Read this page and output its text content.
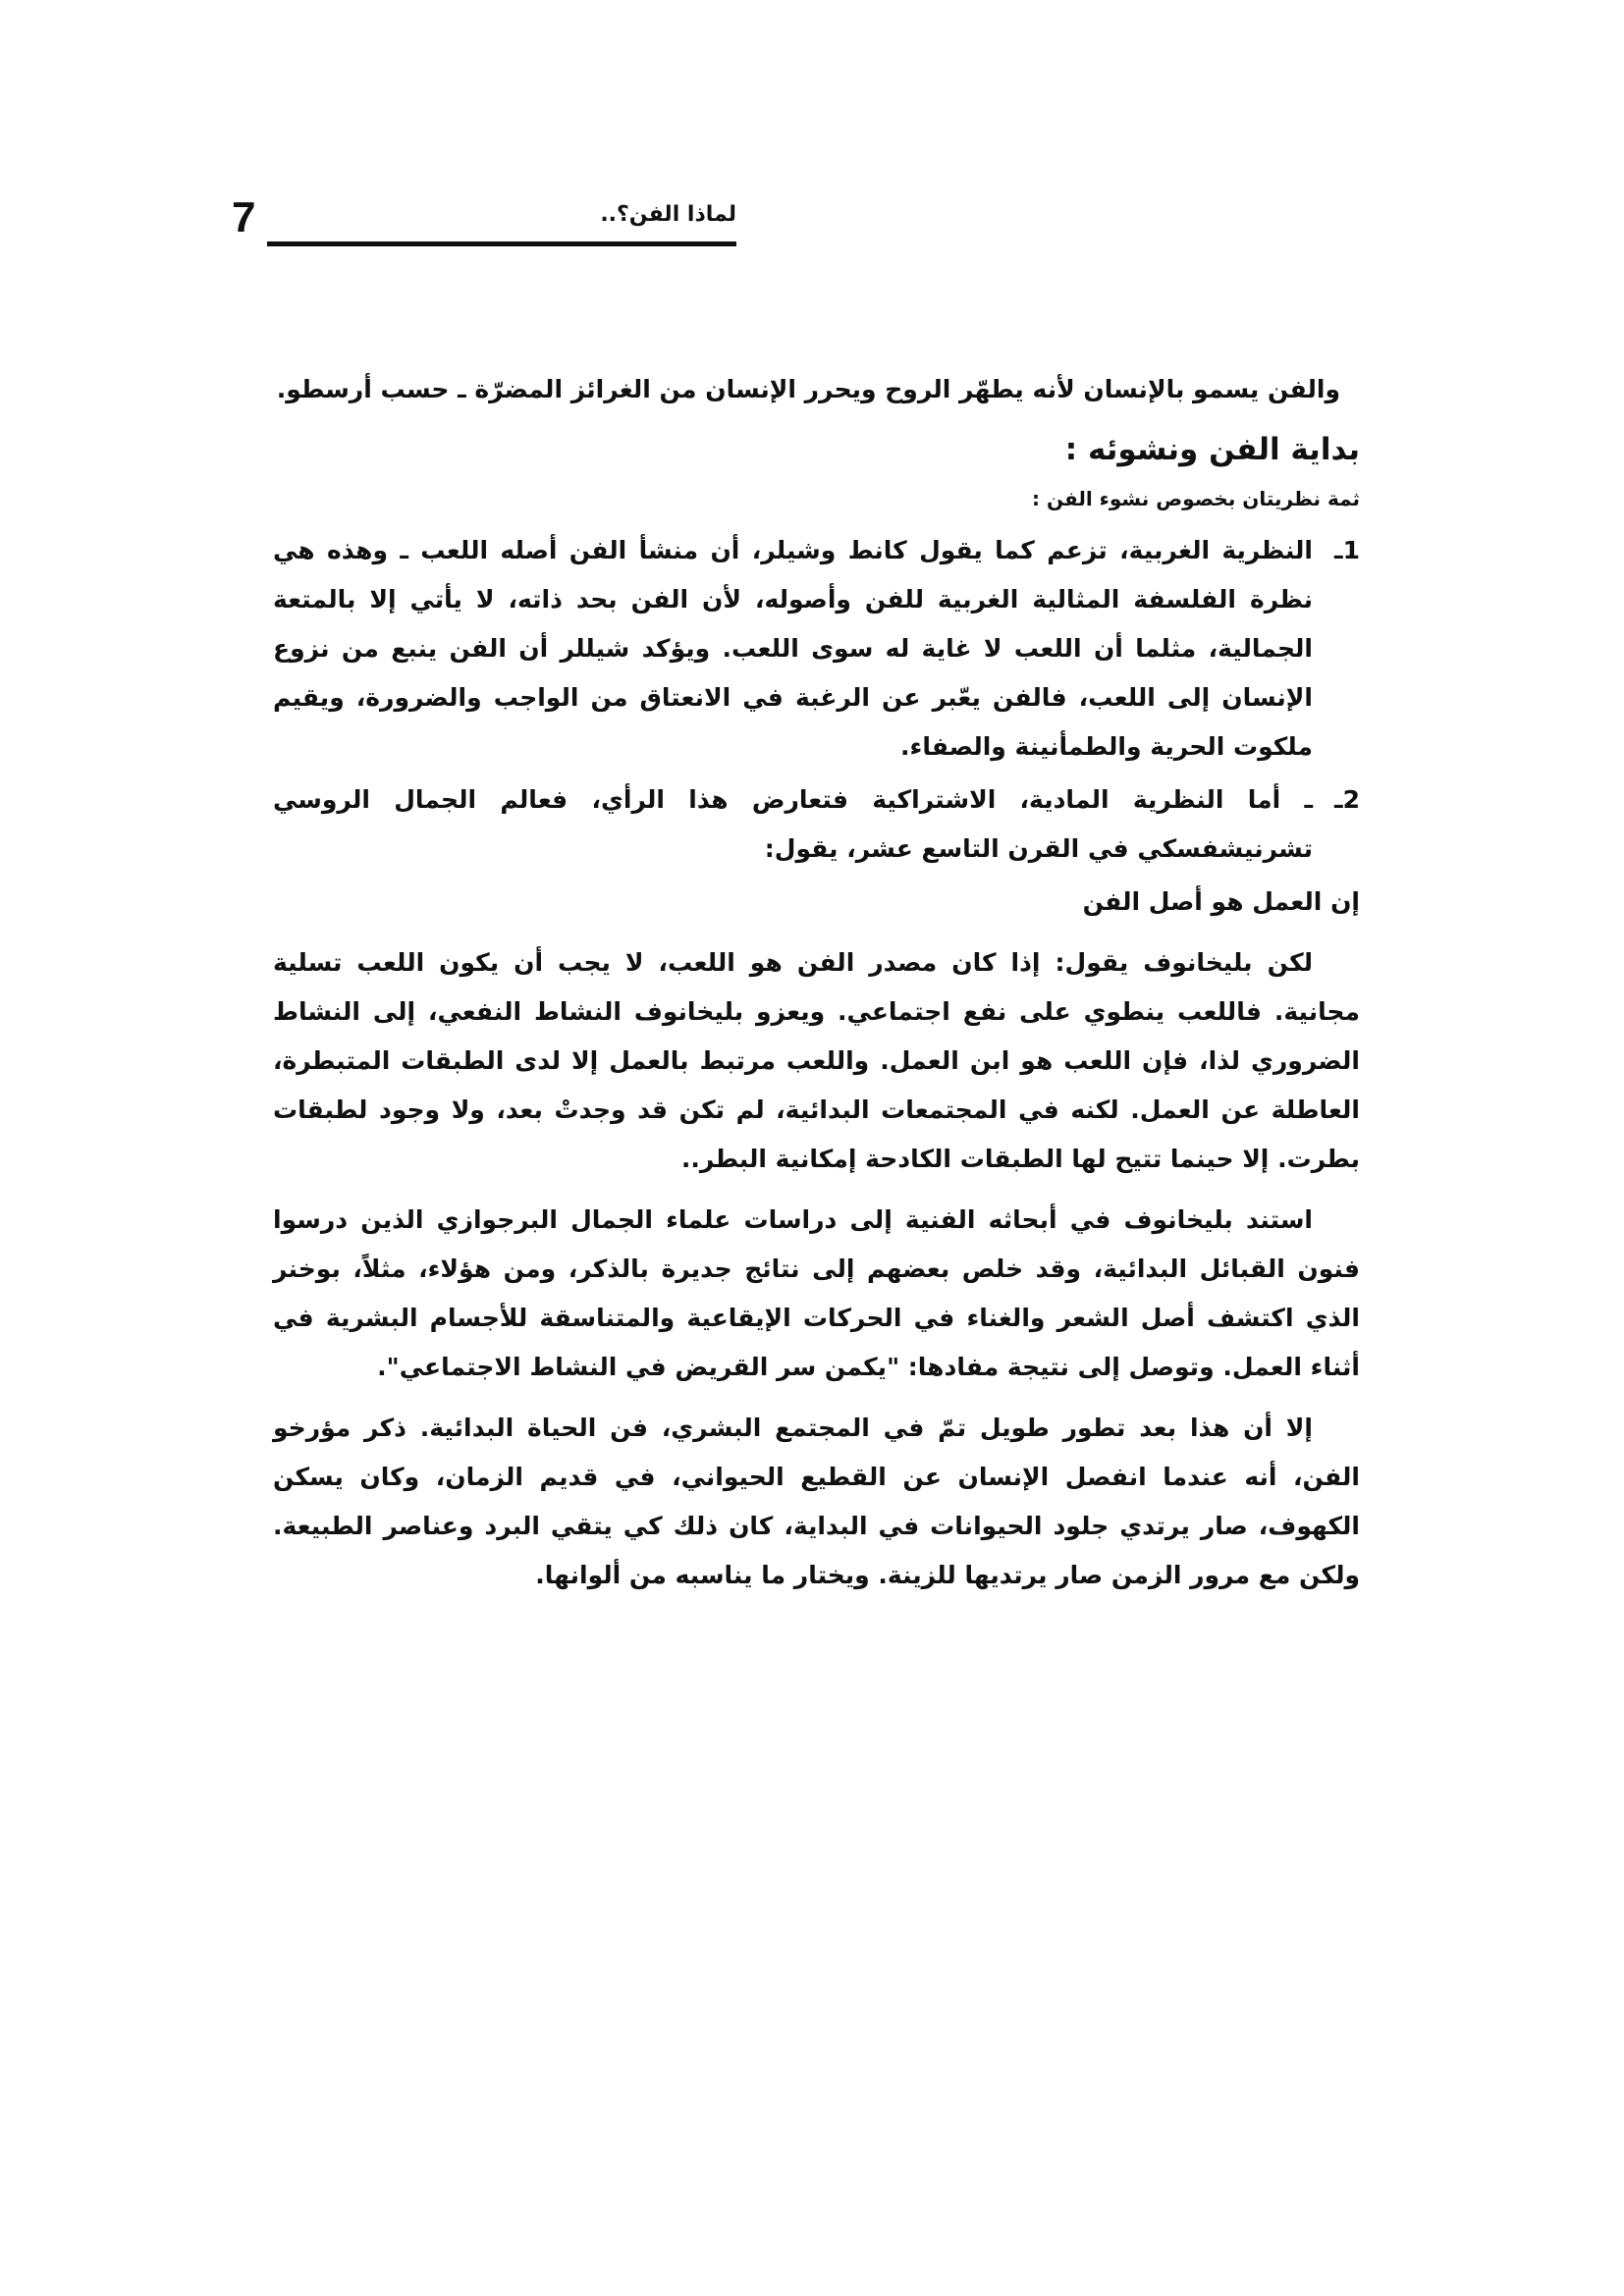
7	لماذا الفن؟..

والفن يسمو بالإنسان لأنه يطهّر الروح ويحرر الإنسان من الغرائز المضرّة ـ حسب أرسطو.

بداية الفن ونشوئه :

ثمة نظريتان بخصوص نشوء الفن :

1ـ
النظرية الغربية، تزعم كما يقول كانط وشيلر، أن منشأ الفن أصله اللعب ـ وهذه هي نظرة الفلسفة المثالية الغربية للفن وأصوله، لأن الفن بحد ذاته، لا يأتي إلا بالمتعة الجمالية، مثلما أن اللعب لا غاية له سوى اللعب. ويؤكد شيللر أن الفن ينبع من نزوع الإنسان إلى اللعب، فالفن يعّبر عن الرغبة في الانعتاق من الواجب والضرورة، ويقيم ملكوت الحرية والطمأنينة والصفاء.
2ـ
ـ أما النظرية المادية، الاشتراكية فتعارض هذا الرأي، فعالم الجمال الروسي تشرنيشفسكي في القرن التاسع عشر، يقول:

إن العمل هو أصل الفن

لكن بليخانوف يقول: إذا كان مصدر الفن هو اللعب، لا يجب أن يكون اللعب تسلية مجانية. فاللعب ينطوي على نفع اجتماعي. ويعزو بليخانوف النشاط النفعي، إلى النشاط الضروري لذا، فإن اللعب هو ابن العمل. واللعب مرتبط بالعمل إلا لدى الطبقات المتبطرة، العاطلة عن العمل. لكنه في المجتمعات البدائية، لم تكن قد وجدتْ بعد، ولا وجود لطبقات بطرت. إلا حينما تتيح لها الطبقات الكادحة إمكانية البطر..

استند بليخانوف في أبحاثه الفنية إلى دراسات علماء الجمال البرجوازي الذين درسوا فنون القبائل البدائية، وقد خلص بعضهم إلى نتائج جديرة بالذكر، ومن هؤلاء، مثلاً، بوخنر الذي اكتشف أصل الشعر والغناء في الحركات الإيقاعية والمتناسقة للأجسام البشرية في أثناء العمل. وتوصل إلى نتيجة مفادها: "يكمن سر القريض في النشاط الاجتماعي".

إلا أن هذا بعد تطور طويل تمّ في المجتمع البشري، فن الحياة البدائية. ذكر مؤرخو الفن، أنه عندما انفصل الإنسان عن القطيع الحيواني، في قديم الزمان، وكان يسكن الكهوف، صار يرتدي جلود الحيوانات في البداية، كان ذلك كي يتقي البرد وعناصر الطبيعة. ولكن مع مرور الزمن صار يرتديها للزينة. ويختار ما يناسبه من ألوانها.
